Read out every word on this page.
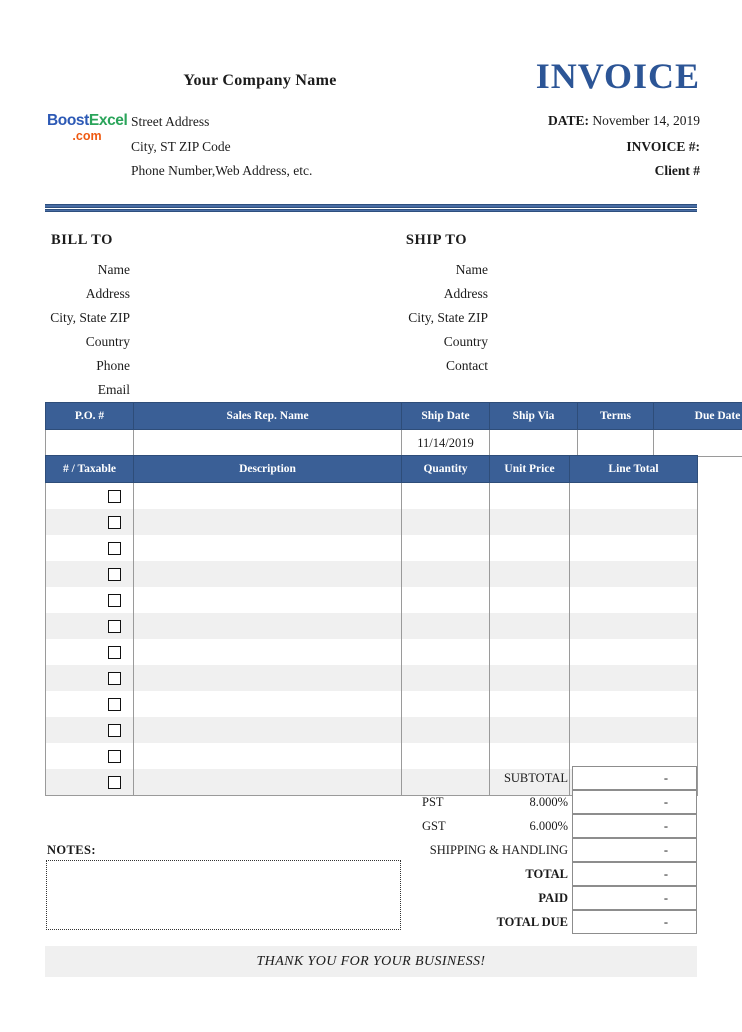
Your Company Name
BoostExcel
.com
Street Address
City, ST ZIP Code
Phone Number,Web Address, etc.
INVOICE
DATE: November 14, 2019
INVOICE #:
Client #
BILL TO
Name
Address
City, State ZIP
Country
Phone
Email
SHIP TO
Name
Address
City, State ZIP
Country
Contact
P.O. #	Sales Rep. Name	Ship Date	Ship Via	Terms	Due Date
		11/14/2019			
# / Taxable	Description	Quantity	Unit Price	Line Total

SUBTOTAL	-
PST	8.000%	-
GST	6.000%	-
SHIPPING & HANDLING	-
TOTAL	-
PAID	-
TOTAL DUE	-
NOTES:
THANK YOU FOR YOUR BUSINESS!
